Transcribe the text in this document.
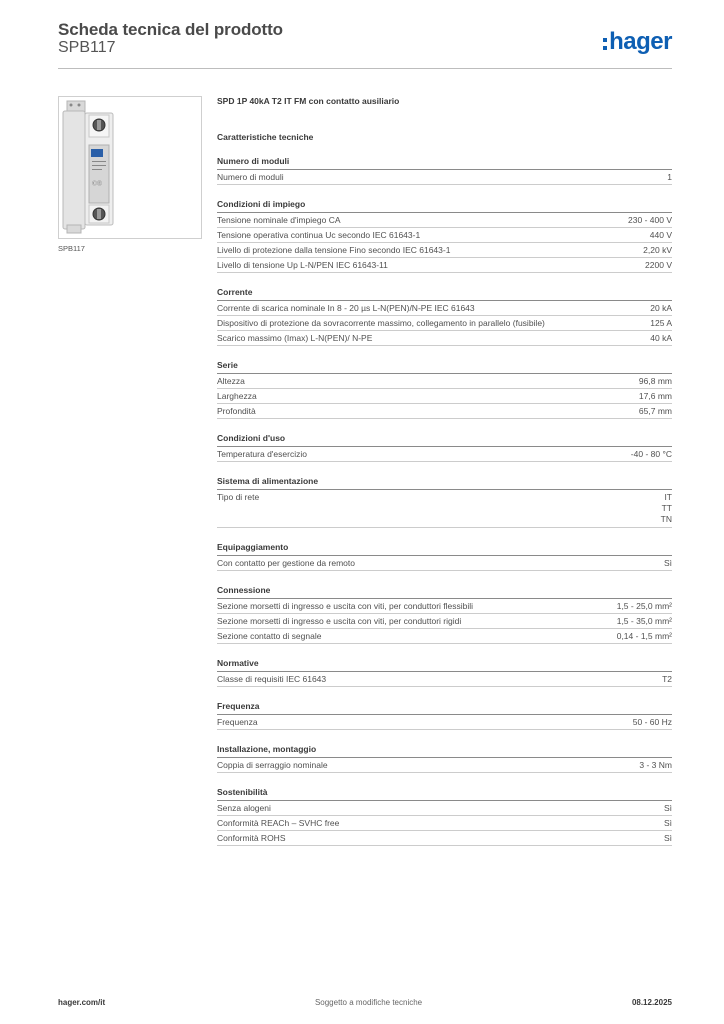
Scheda tecnica del prodotto
SPB117	hager
ⒸⒺ
SPB117
SPD 1P 40kA T2 IT FM con contatto ausiliario
Caratteristiche tecniche
Numero di moduli
Numero di moduli	1
Condizioni di impiego
Tensione nominale d'impiego CA	230 - 400 V
Tensione operativa continua Uc secondo IEC 61643-1	440 V
Livello di protezione dalla tensione Fino secondo IEC 61643-1	2,20 kV
Livello di tensione Up L-N/PEN IEC 61643-11	2200 V
Corrente
Corrente di scarica nominale In 8 - 20 µs L-N(PEN)/N-PE IEC 61643	20 kA
Dispositivo di protezione da sovracorrente massimo, collegamento in parallelo (fusibile)	125 A
Scarico massimo (Imax) L-N(PEN)/ N-PE	40 kA
Serie
Altezza	96,8 mm
Larghezza	17,6 mm
Profondità	65,7 mm
Condizioni d'uso
Temperatura d'esercizio	-40 - 80 °C
Sistema di alimentazione
Tipo di rete	IT
TT
TN
Equipaggiamento
Con contatto per gestione da remoto	Sì
Connessione
Sezione morsetti di ingresso e uscita con viti, per conduttori flessibili	1,5 - 25,0 mm²
Sezione morsetti di ingresso e uscita con viti, per conduttori rigidi	1,5 - 35,0 mm²
Sezione contatto di segnale	0,14 - 1,5 mm²
Normative
Classe di requisiti IEC 61643	T2
Frequenza
Frequenza	50 - 60 Hz
Installazione, montaggio
Coppia di serraggio nominale	3 - 3 Nm
Sostenibilità
Senza alogeni	Sì
Conformità REACh – SVHC free	Sì
Conformità ROHS	Sì
hager.com/it	Soggetto a modifiche tecniche	08.12.2025
